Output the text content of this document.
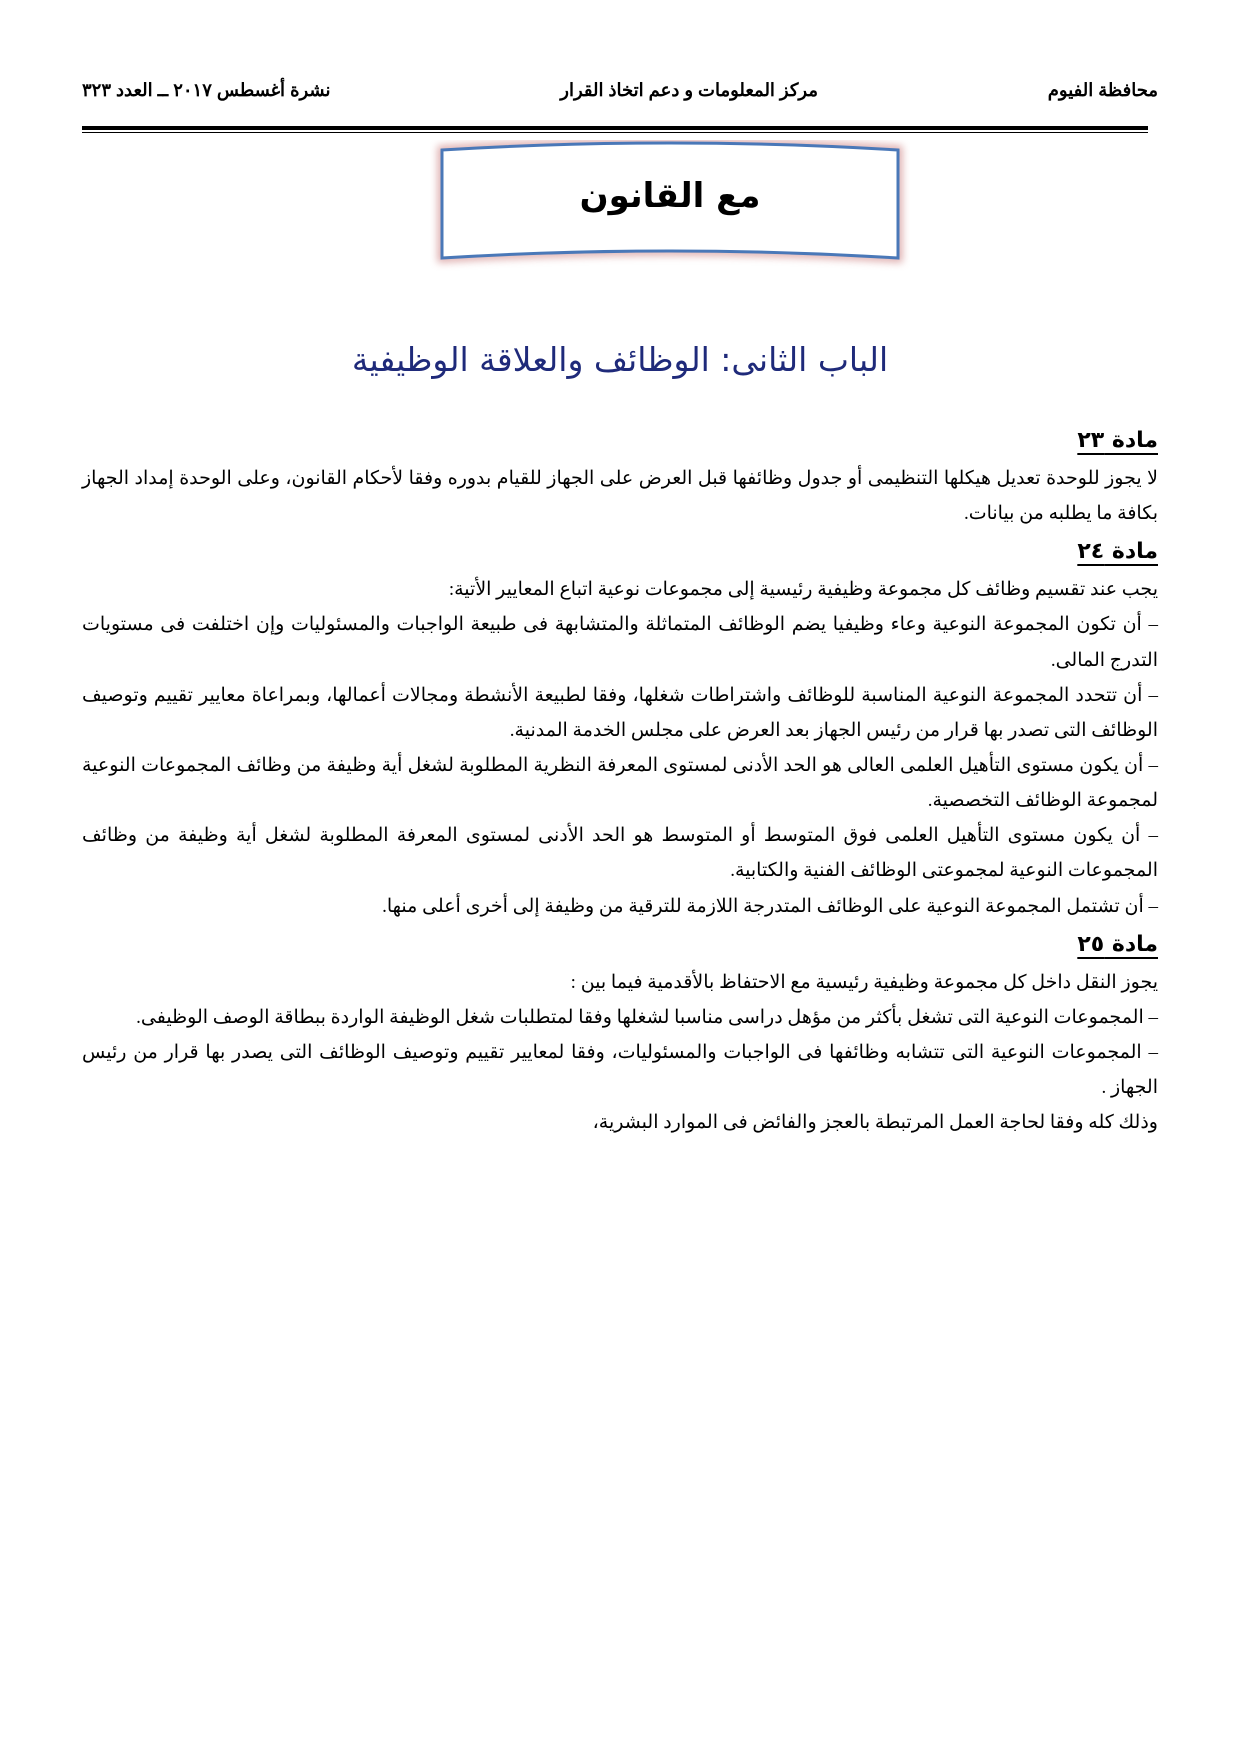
محافظة الفيوم
مركز المعلومات و دعم اتخاذ القرار
نشرة أغسطس ٢٠١٧ ــ العدد ٣٢٣
مع القانون
الباب الثانى: الوظائف والعلاقة الوظيفية
مادة ٢٣

لا يجوز للوحدة تعديل هيكلها التنظيمى أو جدول وظائفها قبل العرض على الجهاز للقيام بدوره وفقا لأحكام القانون، وعلى الوحدة إمداد الجهاز بكافة ما يطلبه من بيانات.

مادة ٢٤

يجب عند تقسيم وظائف كل مجموعة وظيفية رئيسية إلى مجموعات نوعية اتباع المعايير الأتية:

– أن تكون المجموعة النوعية وعاء وظيفيا يضم الوظائف المتماثلة والمتشابهة فى طبيعة الواجبات والمسئوليات وإن اختلفت فى مستويات التدرج المالى.

– أن تتحدد المجموعة النوعية المناسبة للوظائف واشتراطات شغلها، وفقا لطبيعة الأنشطة ومجالات أعمالها، وبمراعاة معايير تقييم وتوصيف الوظائف التى تصدر بها قرار من رئيس الجهاز بعد العرض على مجلس الخدمة المدنية.

– أن يكون مستوى التأهيل العلمى العالى هو الحد الأدنى لمستوى المعرفة النظرية المطلوبة لشغل أية وظيفة من وظائف المجموعات النوعية لمجموعة الوظائف التخصصية.

– أن يكون مستوى التأهيل العلمى فوق المتوسط أو المتوسط هو الحد الأدنى لمستوى المعرفة المطلوبة لشغل أية وظيفة من وظائف المجموعات النوعية لمجموعتى الوظائف الفنية والكتابية.

– أن تشتمل المجموعة النوعية على الوظائف المتدرجة اللازمة للترقية من وظيفة إلى أخرى أعلى منها.

مادة ٢٥

يجوز النقل داخل كل مجموعة وظيفية رئيسية مع الاحتفاظ بالأقدمية فيما بين :

– المجموعات النوعية التى تشغل بأكثر من مؤهل دراسى مناسبا لشغلها وفقا لمتطلبات شغل الوظيفة الواردة ببطاقة الوصف الوظيفى.

– المجموعات النوعية التى تتشابه وظائفها فى الواجبات والمسئوليات، وفقا لمعايير تقييم وتوصيف الوظائف التى يصدر بها قرار من رئيس الجهاز .

وذلك كله وفقا لحاجة العمل المرتبطة بالعجز والفائض فى الموارد البشرية،
